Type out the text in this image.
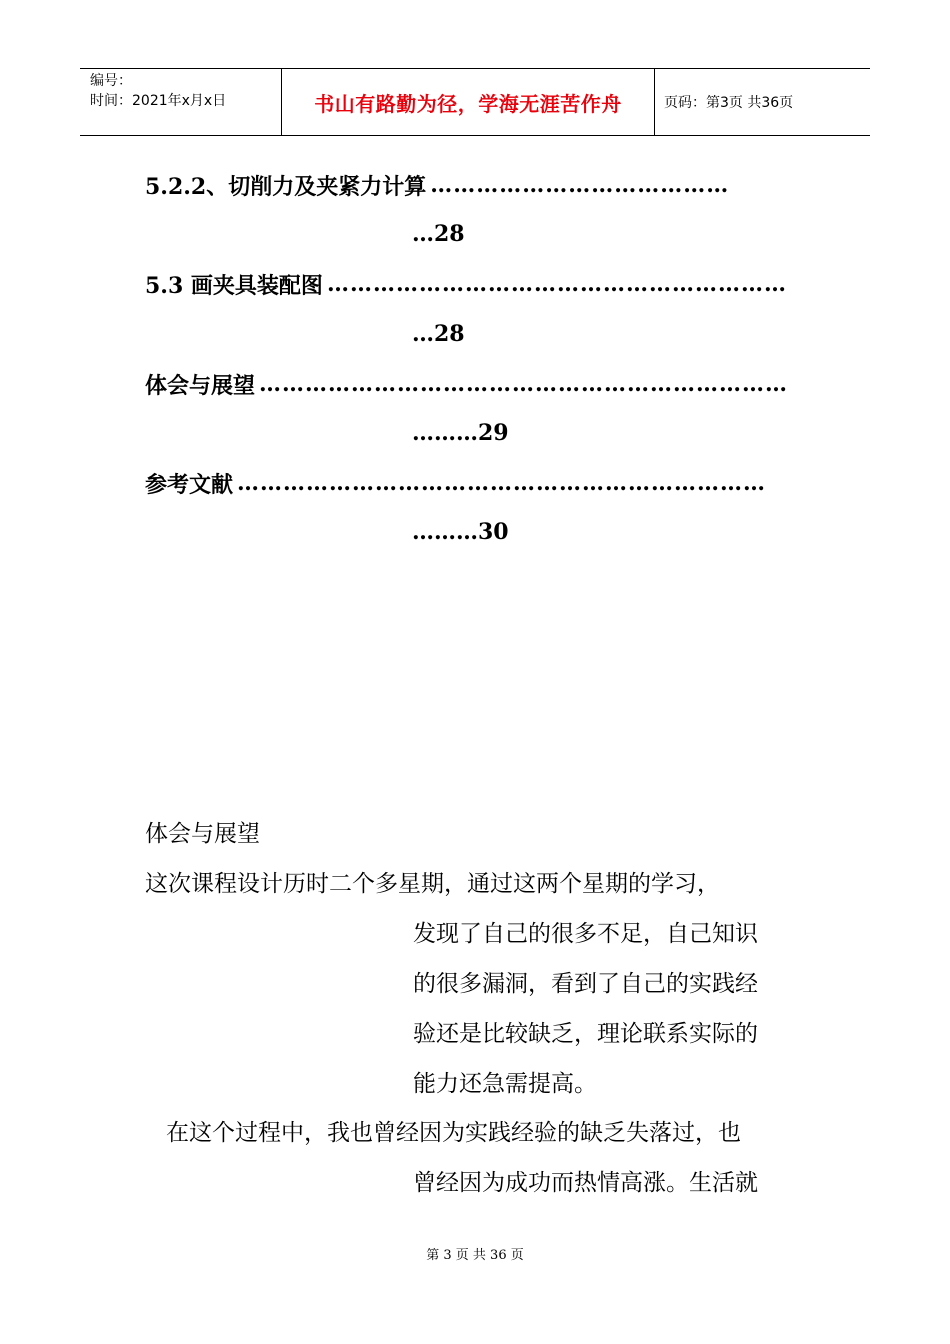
编号：
时间：2021年x月x日	书山有路勤为径，学海无涯苦作舟	页码：第3页 共36页
5.2.2、切削力及夹紧力计算 …………………………………
…28
5.3 画夹具装配图 ……………………………………………………
…28
体会与展望 ……………………………………………………………
………29
参考文献 ……………………………………………………………
………30
体会与展望
这次课程设计历时二个多星期，通过这两个星期的学习，
发现了自己的很多不足，自己知识
的很多漏洞，看到了自己的实践经
验还是比较缺乏，理论联系实际的
能力还急需提高。
在这个过程中，我也曾经因为实践经验的缺乏失落过，也
曾经因为成功而热情高涨。生活就
第 3 页 共 36 页
